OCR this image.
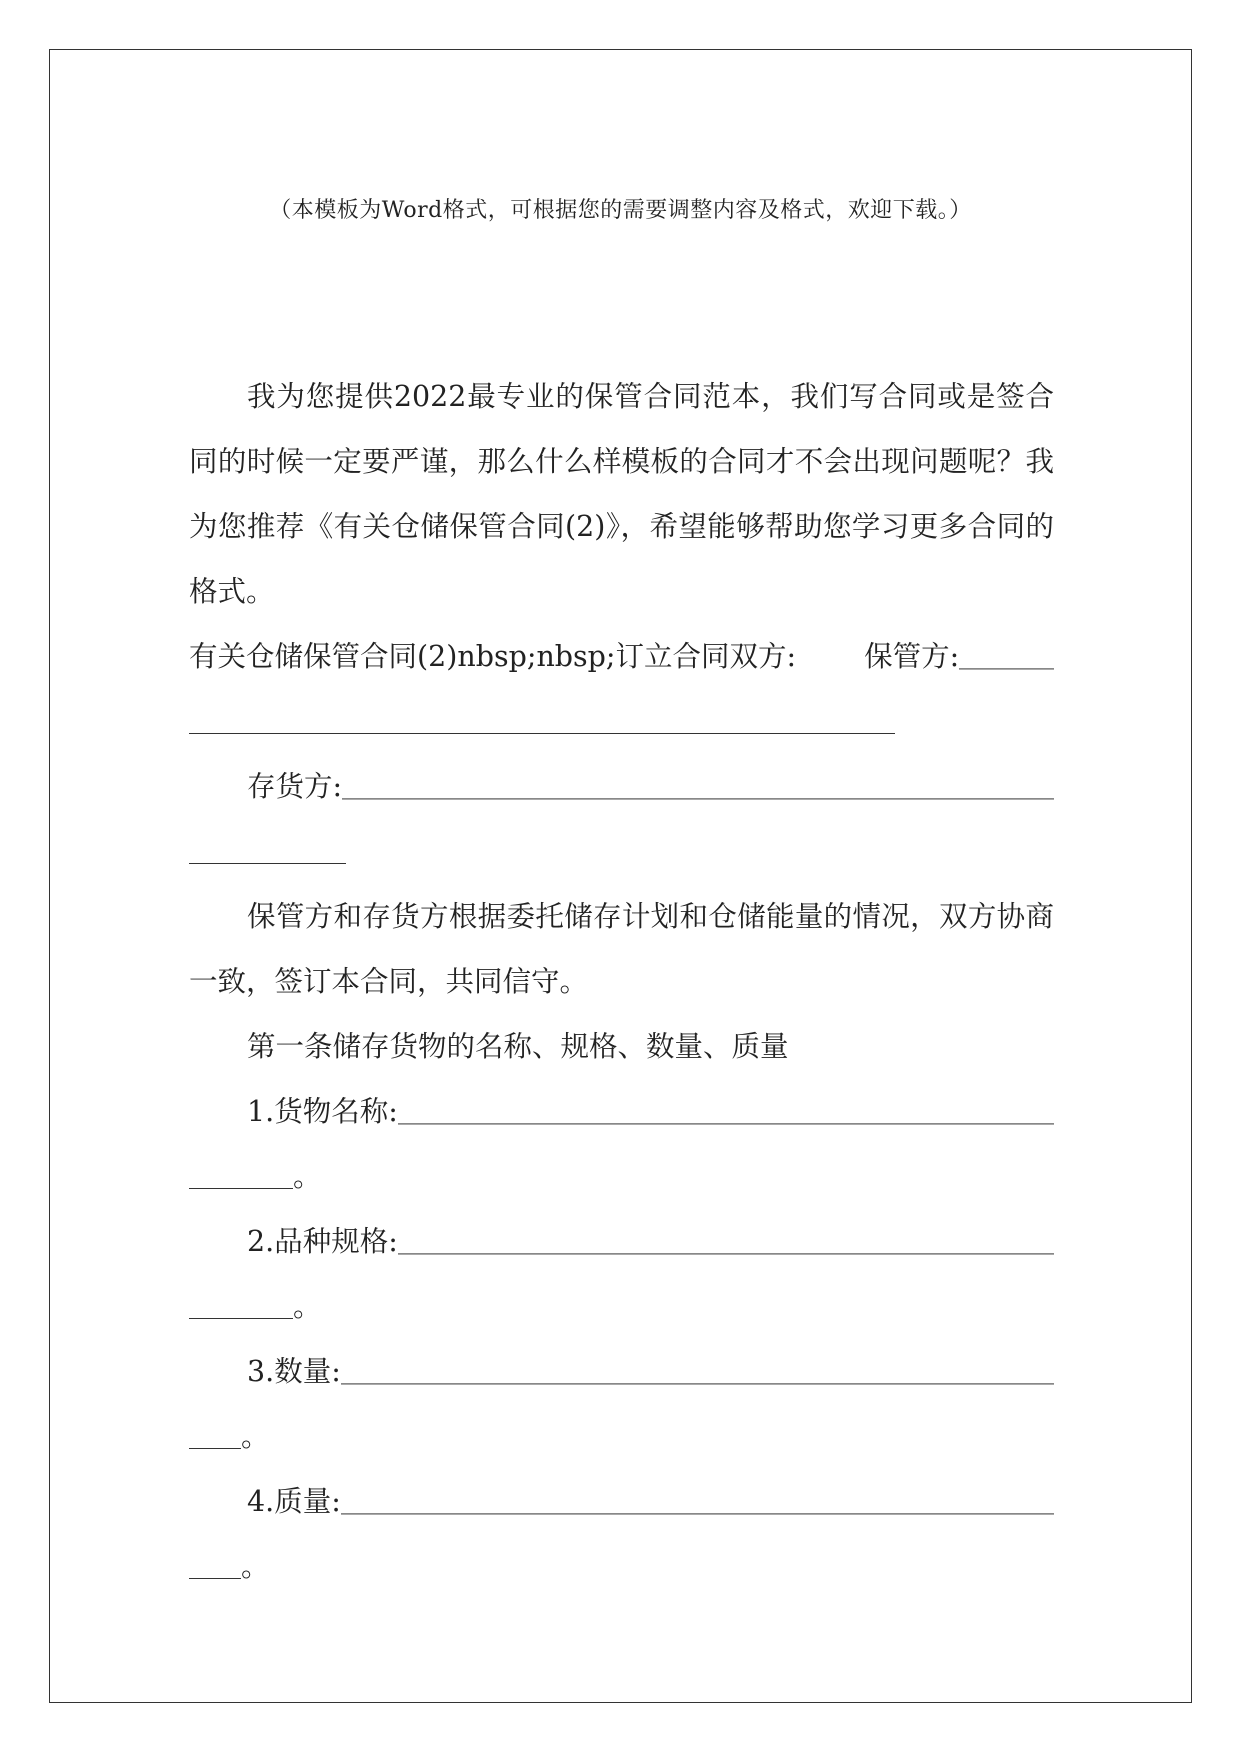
（本模板为Word格式，可根据您的需要调整内容及格式，欢迎下载。）

我为您提供2022最专业的保管合同范本，我们写合同或是签合同的时候一定要严谨，那么什么样模板的合同才不会出现问题呢？我为您推荐《有关仓储保管合同(2)》，希望能够帮助您学习更多合同的格式。

有关仓储保管合同(2)nbsp;nbsp;订立合同双方: 保管方:

存货方:

保管方和存货方根据委托储存计划和仓储能量的情况，双方协商一致，签订本合同，共同信守。

第一条储存货物的名称、规格、数量、质量

1.货物名称:

。

2.品种规格:

。

3.数量:

。

4.质量:

。
